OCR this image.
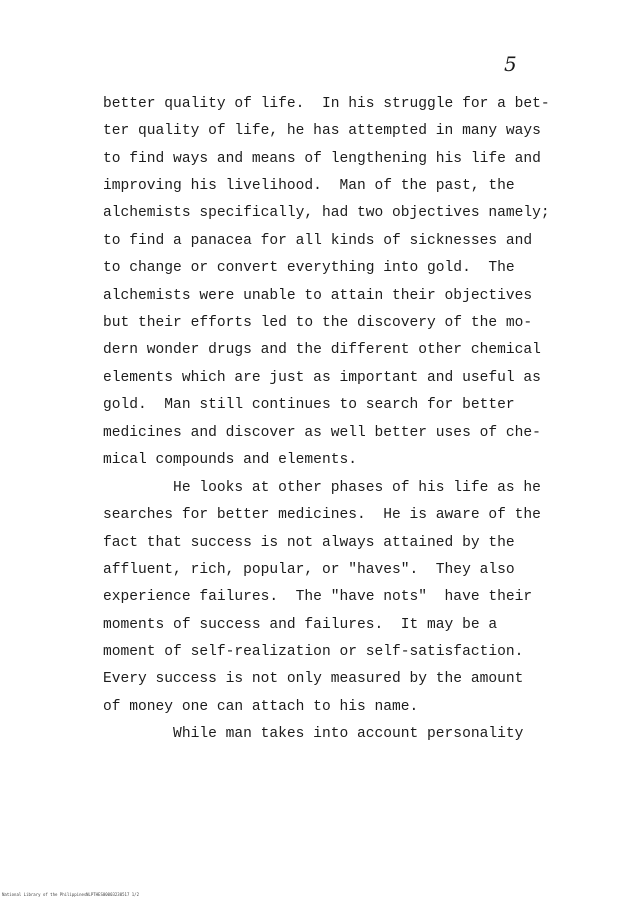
5
better quality of life.  In his struggle for a bet-
ter quality of life, he has attempted in many ways
to find ways and means of lengthening his life and
improving his livelihood.  Man of the past, the
alchemists specifically, had two objectives namely;
to find a panacea for all kinds of sicknesses and
to change or convert everything into gold.  The
alchemists were unable to attain their objectives
but their efforts led to the discovery of the mo-
dern wonder drugs and the different other chemical
elements which are just as important and useful as
gold.  Man still continues to search for better
medicines and discover as well better uses of che-
mical compounds and elements.
He looks at other phases of his life as he
searches for better medicines.  He is aware of the
fact that success is not always attained by the
affluent, rich, popular, or "haves".  They also
experience failures.  The "have nots"  have their
moments of success and failures.  It may be a
moment of self-realization or self-satisfaction.
Every success is not only measured by the amount
of money one can attach to his name.
While man takes into account personality
National Library of the Philippines NLPTHES00003230517 1/2
